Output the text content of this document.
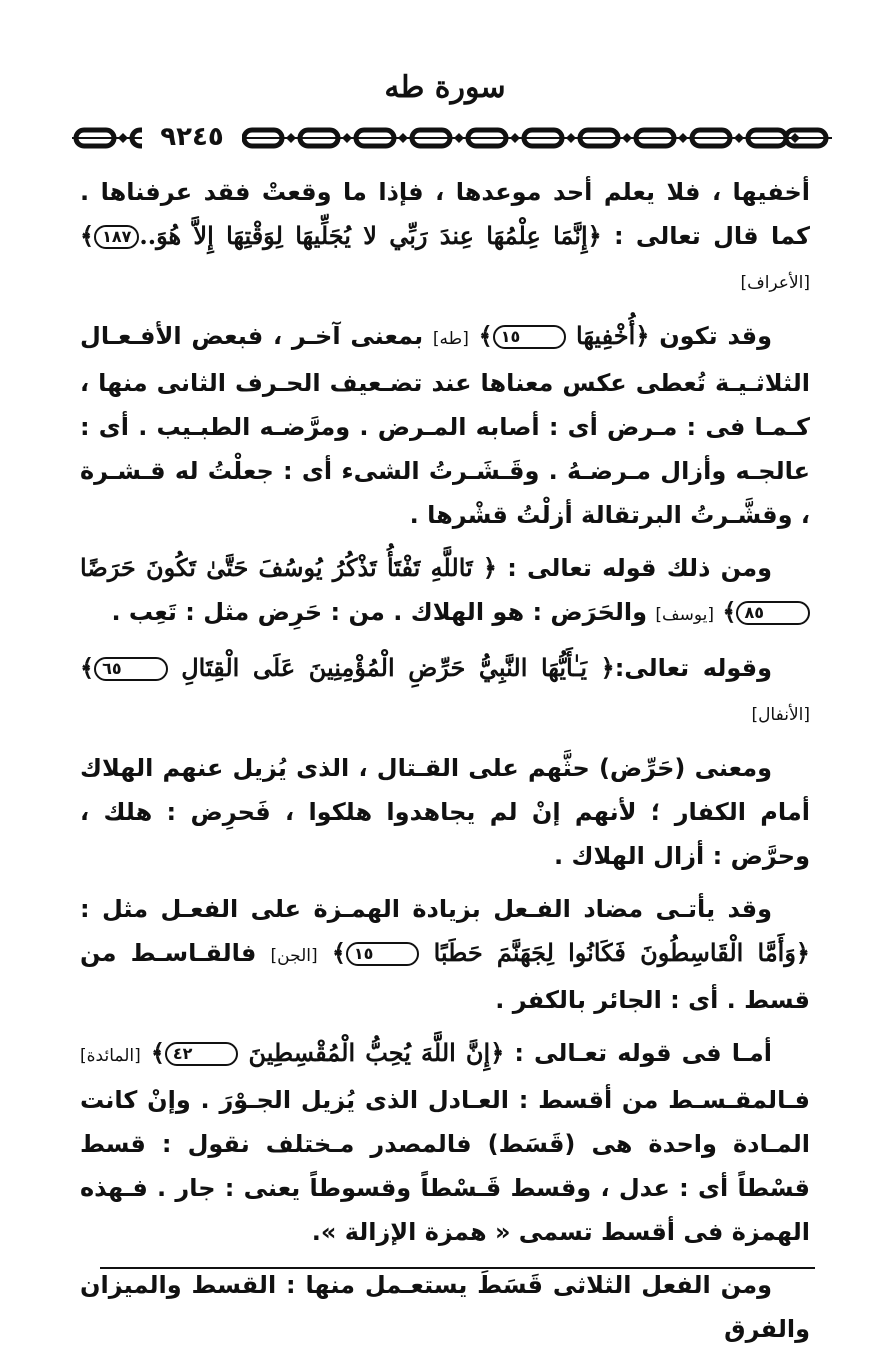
سورة طه
٩٢٤٥

أخفيها ، فلا يعلم أحد موعدها ، فإذا ما وقعتْ فقد عرفناها . كما قال تعالى : ﴿إِنَّمَا عِلْمُهَا عِندَ رَبِّي لا يُجَلِّيهَا لِوَقْتِهَا إِلاَّ هُوَ..١٨٧﴾ [الأعراف]

وقد تكون ﴿أُخْفِيهَا ١٥﴾ [طه] بمعنى آخـر ، فبعض الأفـعـال الثلاثـيـة تُعطى عكس معناها عند تضـعيف الحـرف الثانى منها ، كـمـا فى : مـرض أى : أصابه المـرض . ومرَّضـه الطبـيب . أى : عالجـه وأزال مـرضـهُ . وقَـشَـرتُ الشىء أى : جعلْتُ له قـشـرة ، وقشَّـرتُ البرتقالة أزلْتُ قشْرها .

ومن ذلك قوله تعالى : ﴿ تَاللَّهِ تَفْتَأُ تَذْكُرُ يُوسُفَ حَتَّىٰ تَكُونَ حَرَضًا ٨٥﴾ [يوسف] والحَرَض : هو الهلاك . من : حَرِض مثل : تَعِب .

وقوله تعالى:﴿ يَـٰأَيُّهَا النَّبِيُّ حَرِّضِ الْمُؤْمِنِينَ عَلَى الْقِتَالِ ٦٥﴾[الأنفال]

ومعنى (حَرِّض) حثَّهم على القـتال ، الذى يُزيل عنهم الهلاك أمام الكفار ؛ لأنهم إنْ لم يجاهدوا هلكوا ، فَحرِض : هلك ، وحرَّض : أزال الهلاك .

وقد يأتـى مضاد الفـعل بزيادة الهمـزة على الفعـل مثل : ﴿وَأَمَّا الْقَاسِطُونَ فَكَانُوا لِجَهَنَّمَ حَطَبًا ١٥﴾ [الجن] فالقـاسـط من قسط . أى : الجائر بالكفر .

أمـا فى قوله تعـالى : ﴿إِنَّ اللَّهَ يُحِبُّ الْمُقْسِطِينَ ٤٢﴾ [المائدة] فـالمقـسـط من أقسط : العـادل الذى يُزيل الجـوْرَ . وإنْ كانت المـادة واحدة هى (قَسَط) فالمصدر مـختلف نقول : قسط قسْطاً أى : عدل ، وقسط قَـسْطاً وقسوطاً يعنى : جار . فـهذه الهمزة فى أقسط تسمى « همزة الإزالة ».

ومن الفعل الثلاثى قَسَطَ يستعـمل منها : القسط والميزان والفرق
